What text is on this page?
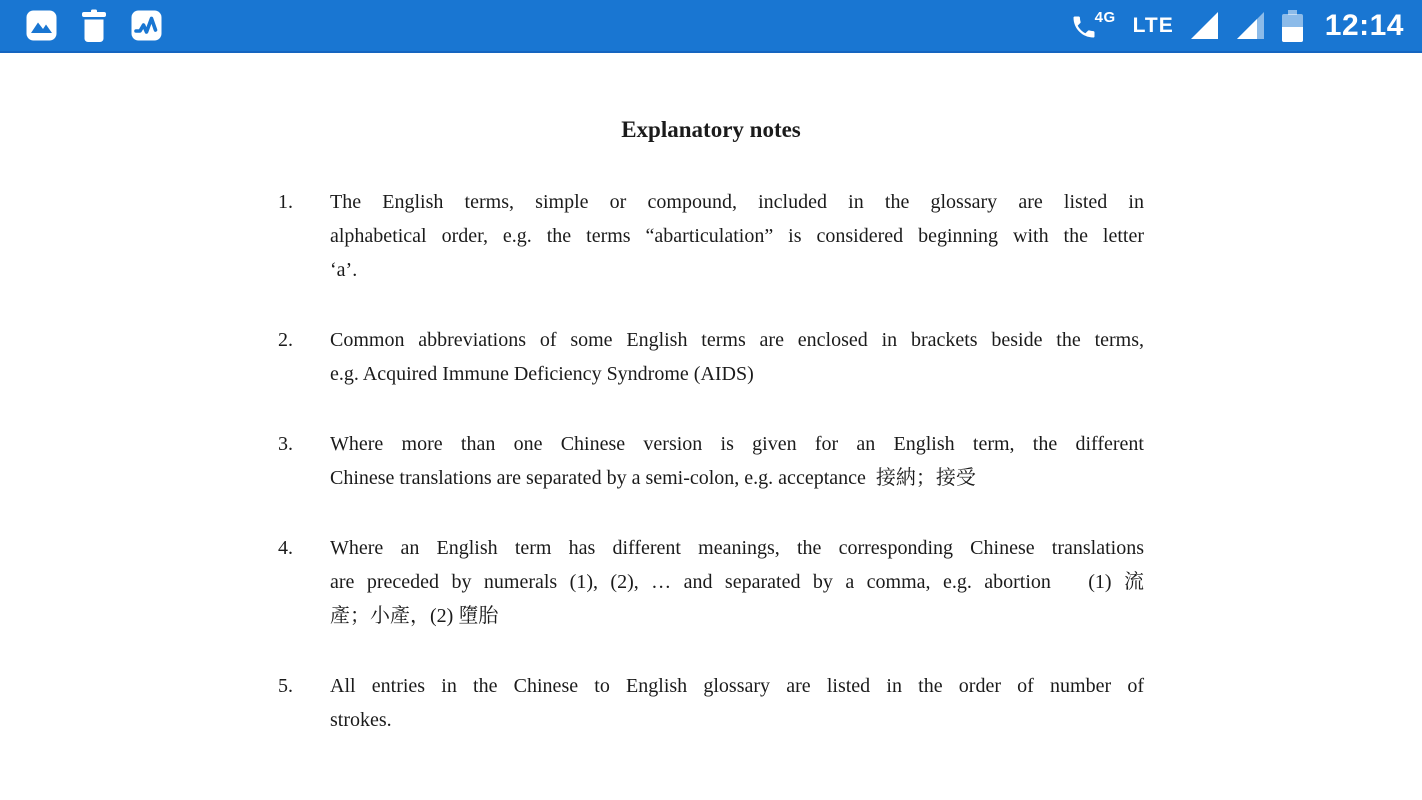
4G LTE	12:14
Explanatory notes
1.	The English terms, simple or compound, included in the glossary are listed in
alphabetical order, e.g. the terms “abarticulation” is considered beginning with the letter
‘a’.
2.	Common abbreviations of some English terms are enclosed in brackets beside the terms,
e.g. Acquired Immune Deficiency Syndrome (AIDS)
3.	Where more than one Chinese version is given for an English term, the different
Chinese translations are separated by a semi-colon, e.g. acceptance  接納；接受
4.	Where an English term has different meanings, the corresponding Chinese translations
are preceded by numerals (1), (2), … and separated by a comma, e.g. abortion   (1) 流
產；小產，(2) 墮胎
5.	All entries in the Chinese to English glossary are listed in the order of number of
strokes.
